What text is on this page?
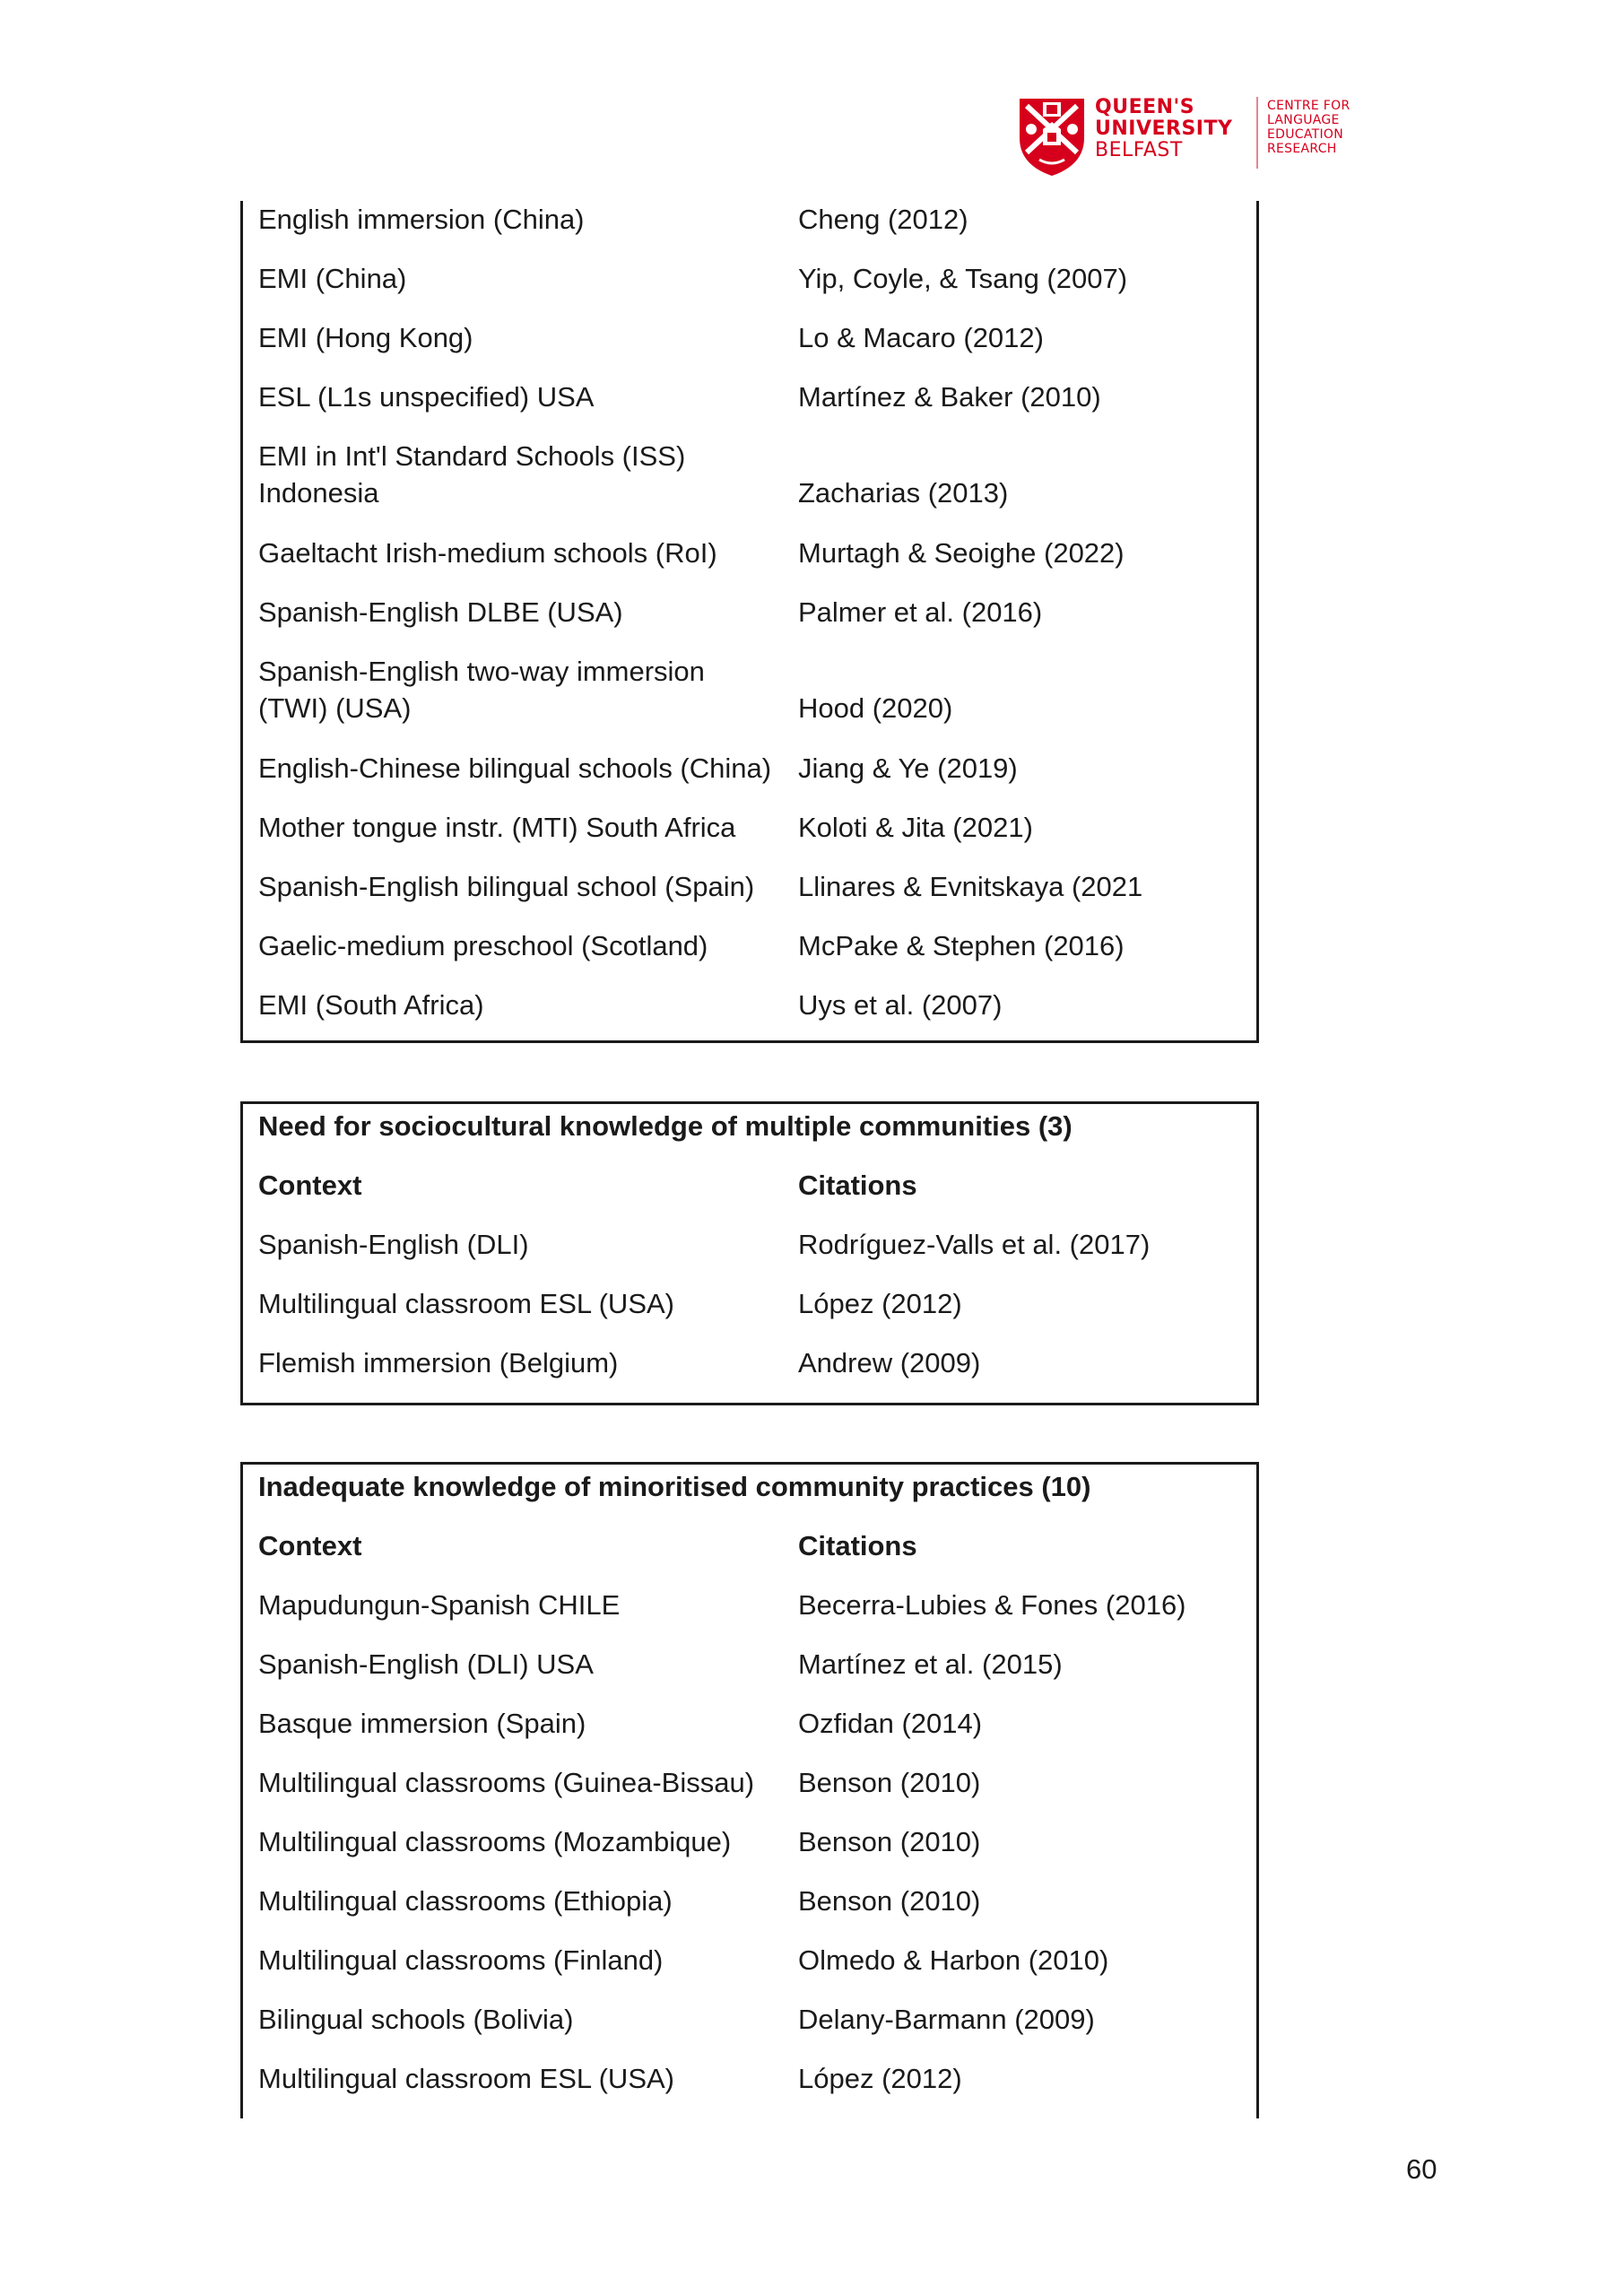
QUEEN'S
UNIVERSITY
BELFAST
CENTRE FOR
LANGUAGE
EDUCATION
RESEARCH
English immersion (China)	Cheng (2012)
EMI (China)	Yip, Coyle, & Tsang (2007)
EMI (Hong Kong)	Lo & Macaro (2012)
ESL (L1s unspecified) USA	Martínez & Baker (2010)
EMI in Int'l Standard Schools (ISS)
Indonesia	Zacharias (2013)
Gaeltacht Irish-medium schools (RoI)	Murtagh & Seoighe (2022)
Spanish-English DLBE (USA)	Palmer et al. (2016)
Spanish-English two-way immersion
(TWI) (USA)	Hood (2020)
English-Chinese bilingual schools (China) Jiang & Ye (2019)
Mother tongue instr. (MTI) South Africa	Koloti & Jita (2021)
Spanish-English bilingual school (Spain)	Llinares & Evnitskaya (2021
Gaelic-medium preschool (Scotland)	McPake & Stephen (2016)
EMI (South Africa)	Uys et al. (2007)
Need for sociocultural knowledge of multiple communities (3)
Context	Citations
Spanish-English (DLI)	Rodríguez-Valls et al. (2017)
Multilingual classroom ESL (USA)	López (2012)
Flemish immersion (Belgium)	Andrew (2009)
Inadequate knowledge of minoritised community practices (10)
Context	Citations
Mapudungun-Spanish CHILE	Becerra-Lubies & Fones (2016)
Spanish-English (DLI) USA	Martínez et al. (2015)
Basque immersion (Spain)	Ozfidan (2014)
Multilingual classrooms (Guinea-Bissau)	Benson (2010)
Multilingual classrooms (Mozambique)	Benson (2010)
Multilingual classrooms (Ethiopia)	Benson (2010)
Multilingual classrooms (Finland)	Olmedo & Harbon (2010)
Bilingual schools (Bolivia)	Delany-Barmann (2009)
Multilingual classroom ESL (USA)	López (2012)
60
